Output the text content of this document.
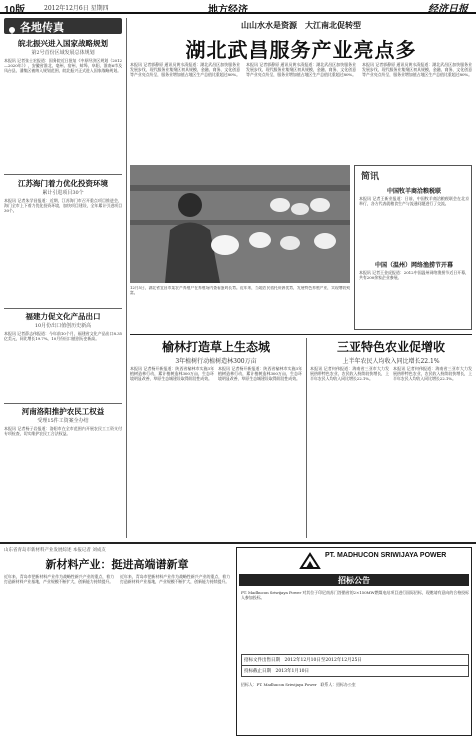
10版	2012年12月6日 星期四	地方经济	经济日报
各地传真
皖北振兴进入国家战略规划
第2号首份区域发展总体规划
本报讯 记者张士宏报道：国务院近日批复《中原经济区规划（2012—2020年）》，安徽省淮北、亳州、宿州、蚌埠、阜阳、淮南6市及凤台县、潘集区被纳入规划范围，皖北振兴正式进入国家战略规划。
江苏海门着力优化投资环境
累计引进项目30个
本报讯 记者朱学昌报道：近期，江苏海门市召开重点项目推进会，海门全市上下着力优化投资环境，加快项目建设，全年累计引进项目30个。
福建力促文化产品出口
10月份出口值创历史新高
本报讯 记者薛志伟报道：今年前10个月，福建省文化产品出口8.35亿美元，同比增长19.7%，10月份出口值创历史新高。
河南洛阳推护农民工权益
受理15件工资案全办结
本报讯 记者杨子岩报道：洛阳市在全市范围内开展农民工工资支付专项检查，切实维护农民工合法权益。
山山水水是资源　大江南北促转型
湖北武昌服务产业亮点多
本报讯 记者郭静原 通讯员黄水清报道：湖北武昌区加快服务业发展步伐，现代服务业集聚区初具规模，金融、商务、文化创意等产业亮点纷呈，服务业增加值占地区生产总值比重超过80%。
本报讯 记者郭静原 通讯员黄水清报道：湖北武昌区加快服务业发展步伐，现代服务业集聚区初具规模，金融、商务、文化创意等产业亮点纷呈，服务业增加值占地区生产总值比重超过80%。
本报讯 记者郭静原 通讯员黄水清报道：湖北武昌区加快服务业发展步伐，现代服务业集聚区初具规模，金融、商务、文化创意等产业亮点纷呈，服务业增加值占地区生产总值比重超过80%。
简讯
中国牧羊商洽粮税联
本报讯 记者王新业报道：日前，中国牧羊商洽粮税联会在北京举行，各方代表就粮食生产与流通问题进行了交流。
中国（温州）网络渔捞节开幕
本报讯 记者王金虎报道：2012中国温州网络渔捞节近日开幕，共有200余家企业参展。
12月5日，湖北省宜昌市某农产养殖户在养殖场内查看蛋鸡长势。近年来，当地农民依托资源优势，发展特色养殖产业，实现增收致富。
榆林打造草上生态城
3年植树行动植树造林300万亩
本报讯 记者杨开新报道：陕西省榆林市实施3年植树造林行动，累计植树造林300万亩，生态环境明显改善，草原生态城建设取得阶段性成效。
本报讯 记者杨开新报道：陕西省榆林市实施3年植树造林行动，累计植树造林300万亩，生态环境明显改善，草原生态城建设取得阶段性成效。
三亚特色农业促增收
上半年农民人均收入同比增长22.1%
本报讯 记者何伟报道：海南省三亚市大力发展热带特色农业，农民收入持续较快增长，上半年农民人均收入同比增长22.1%。
本报讯 记者何伟报道：海南省三亚市大力发展热带特色农业，农民收入持续较快增长，上半年农民人均收入同比增长22.1%。
山东省青岛市新材料产业发展综述 本报记者 刘成友
新材料产业：挺进高端谱新章
近年来，青岛市把新材料产业作为战略性新兴产业的重点，着力打造新材料产业基地，产业规模不断扩大，创新能力持续提升。
近年来，青岛市把新材料产业作为战略性新兴产业的重点，着力打造新材料产业基地，产业规模不断扩大，创新能力持续提升。
PT. MADHUCON SRIWIJAYA POWER
招标公告
PT. Madhucon Sriwijaya Power 对其位于印尼南苏门答腊省的2×150MW燃煤电站项目进行国际招标，现邀请有意向的合格投标人参加投标。
招标文件出售日期　2012年12月10日至2012年12月25日
投标截止日期　2013年1月10日
招标人：PT. Madhucon Sriwijaya Power　联系人：招标办公室
